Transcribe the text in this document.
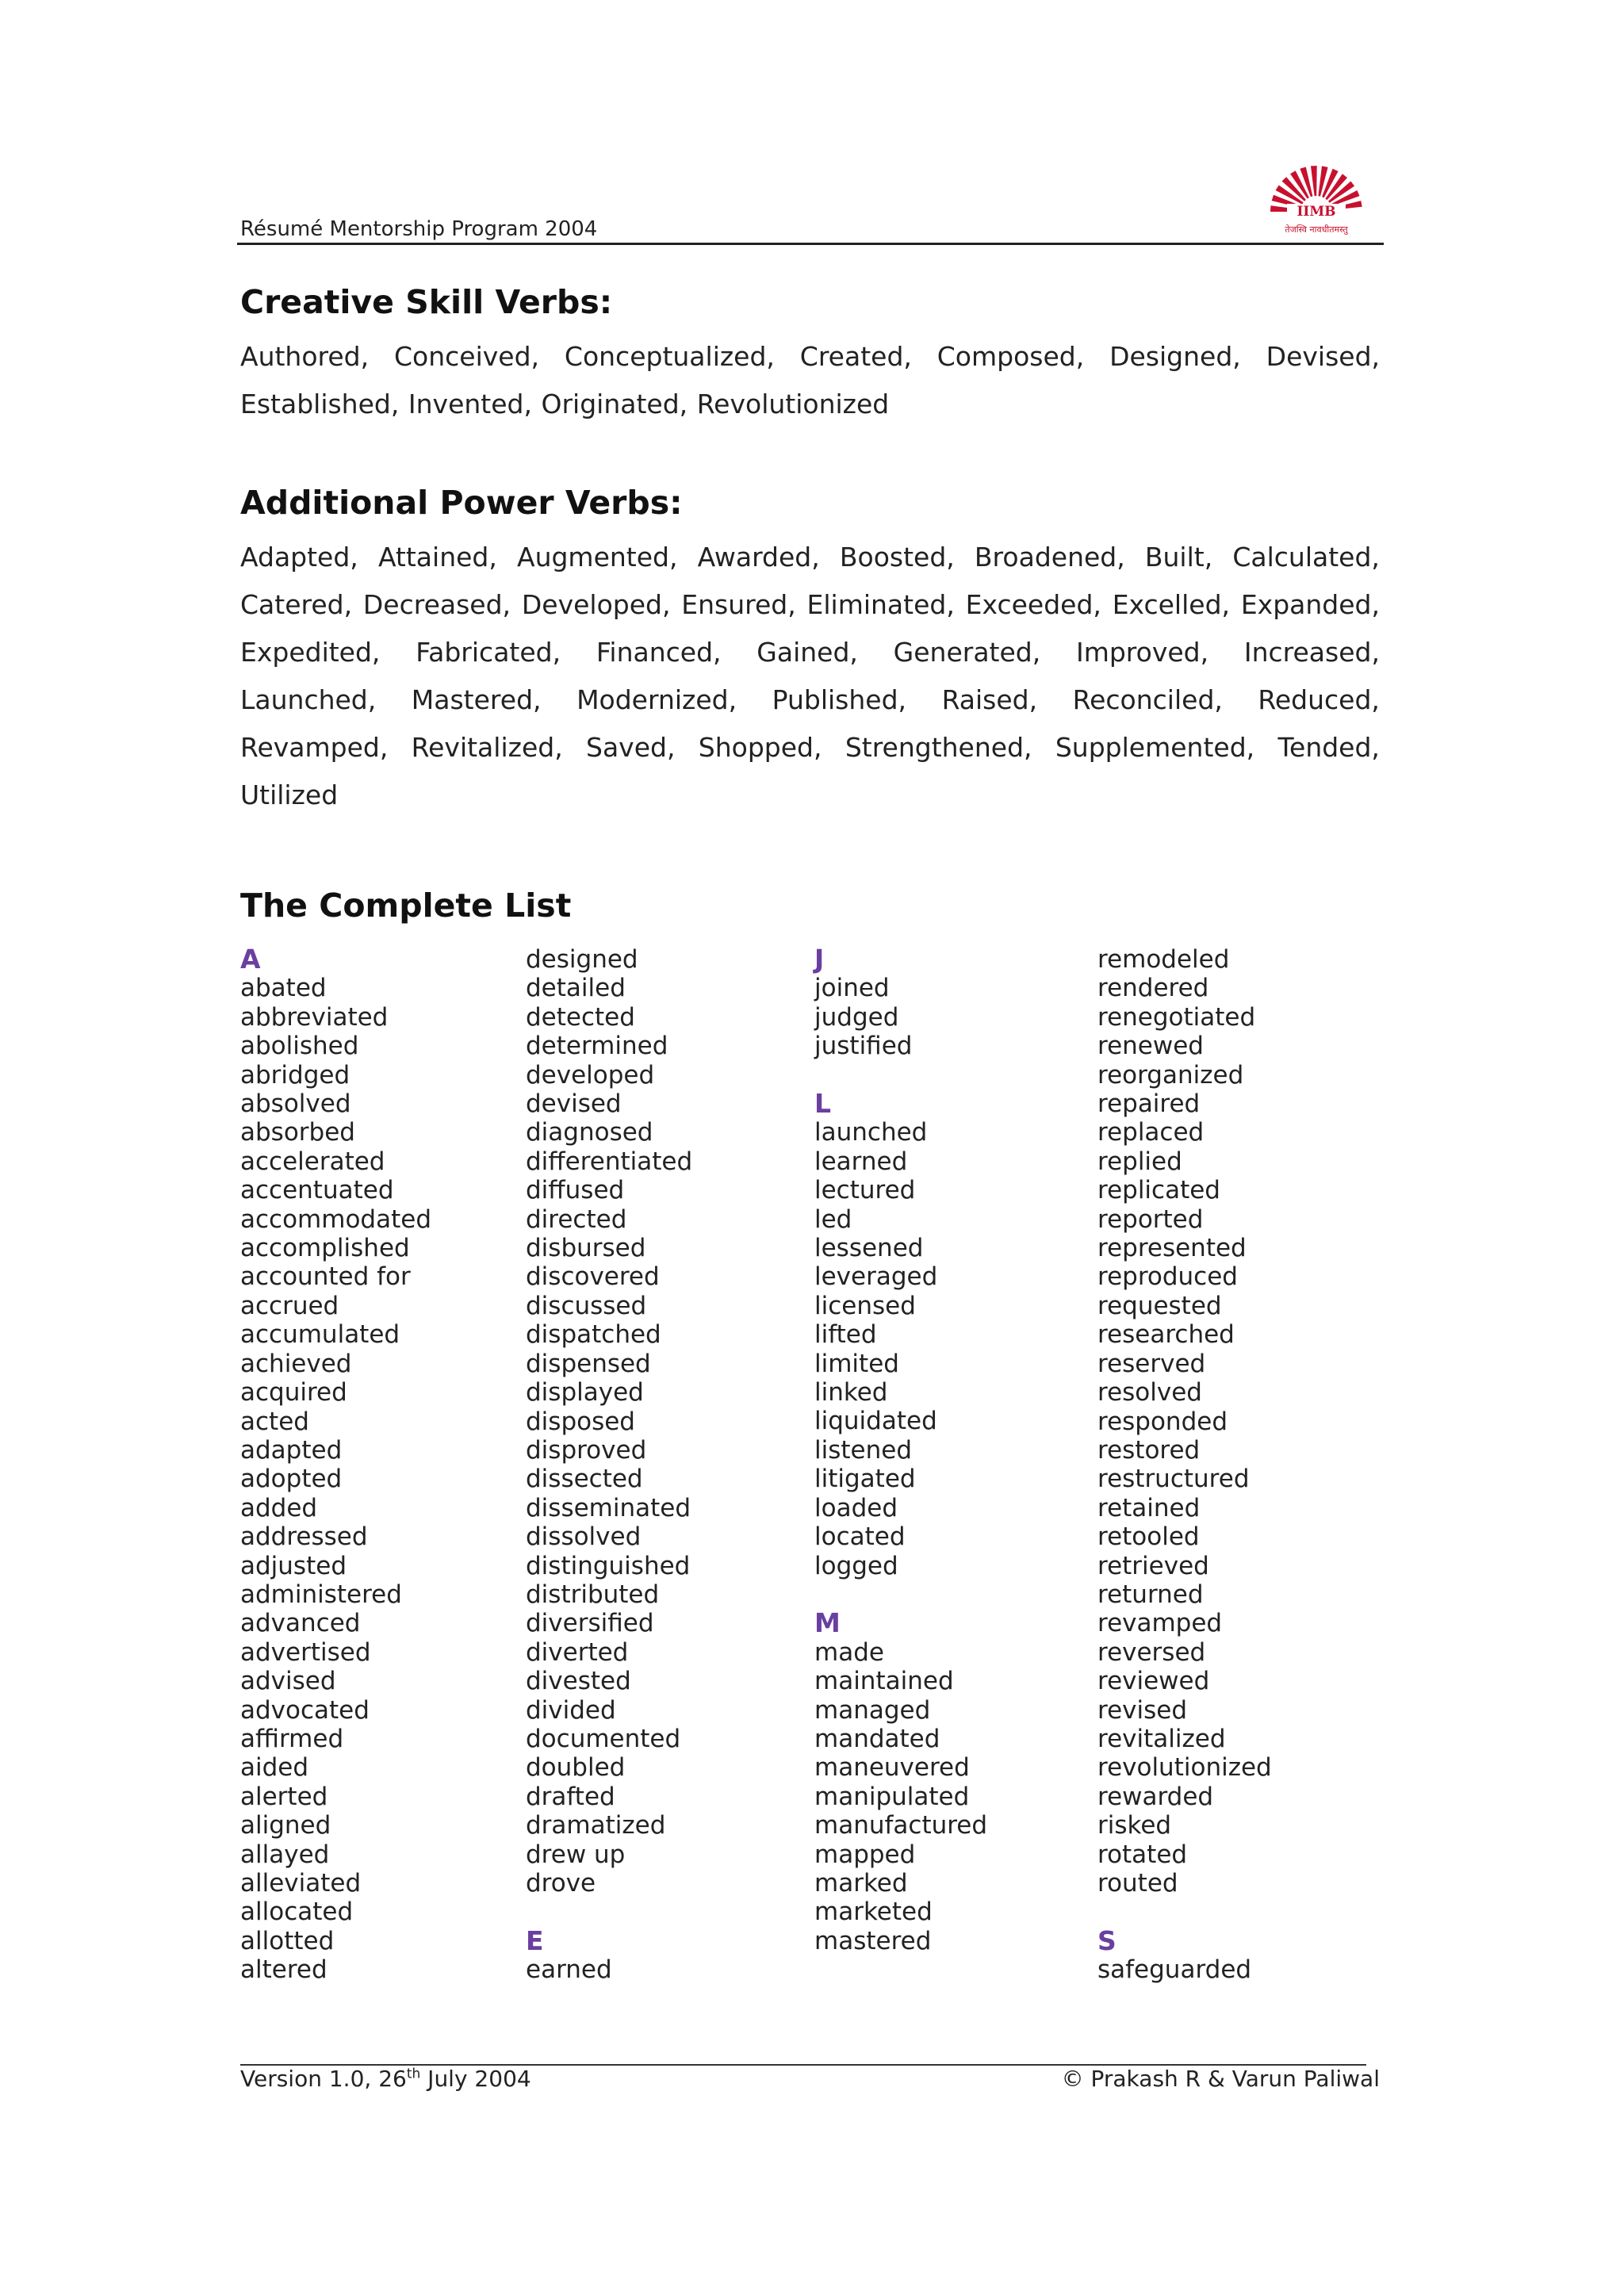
Résumé Mentorship Program 2004
IIMB
तेजस्वि नावधीतमस्तु
Creative Skill Verbs:
Authored, Conceived, Conceptualized, Created, Composed, Designed, Devised,
Established, Invented, Originated, Revolutionized
Additional Power Verbs:
Adapted, Attained, Augmented, Awarded, Boosted, Broadened, Built, Calculated,
Catered, Decreased, Developed, Ensured, Eliminated, Exceeded, Excelled, Expanded,
Expedited, Fabricated, Financed, Gained, Generated, Improved, Increased,
Launched, Mastered, Modernized, Published, Raised, Reconciled, Reduced,
Revamped, Revitalized, Saved, Shopped, Strengthened, Supplemented, Tended,
Utilized
The Complete List
A
abated
abbreviated
abolished
abridged
absolved
absorbed
accelerated
accentuated
accommodated
accomplished
accounted for
accrued
accumulated
achieved
acquired
acted
adapted
adopted
added
addressed
adjusted
administered
advanced
advertised
advised
advocated
affirmed
aided
alerted
aligned
allayed
alleviated
allocated
allotted
altered
designed
detailed
detected
determined
developed
devised
diagnosed
differentiated
diffused
directed
disbursed
discovered
discussed
dispatched
dispensed
displayed
disposed
disproved
dissected
disseminated
dissolved
distinguished
distributed
diversified
diverted
divested
divided
documented
doubled
drafted
dramatized
drew up
drove
E
earned
J
joined
judged
justified
L
launched
learned
lectured
led
lessened
leveraged
licensed
lifted
limited
linked
liquidated
listened
litigated
loaded
located
logged
M
made
maintained
managed
mandated
maneuvered
manipulated
manufactured
mapped
marked
marketed
mastered
remodeled
rendered
renegotiated
renewed
reorganized
repaired
replaced
replied
replicated
reported
represented
reproduced
requested
researched
reserved
resolved
responded
restored
restructured
retained
retooled
retrieved
returned
revamped
reversed
reviewed
revised
revitalized
revolutionized
rewarded
risked
rotated
routed
S
safeguarded
Version 1.0, 26th July 2004	© Prakash R & Varun Paliwal
